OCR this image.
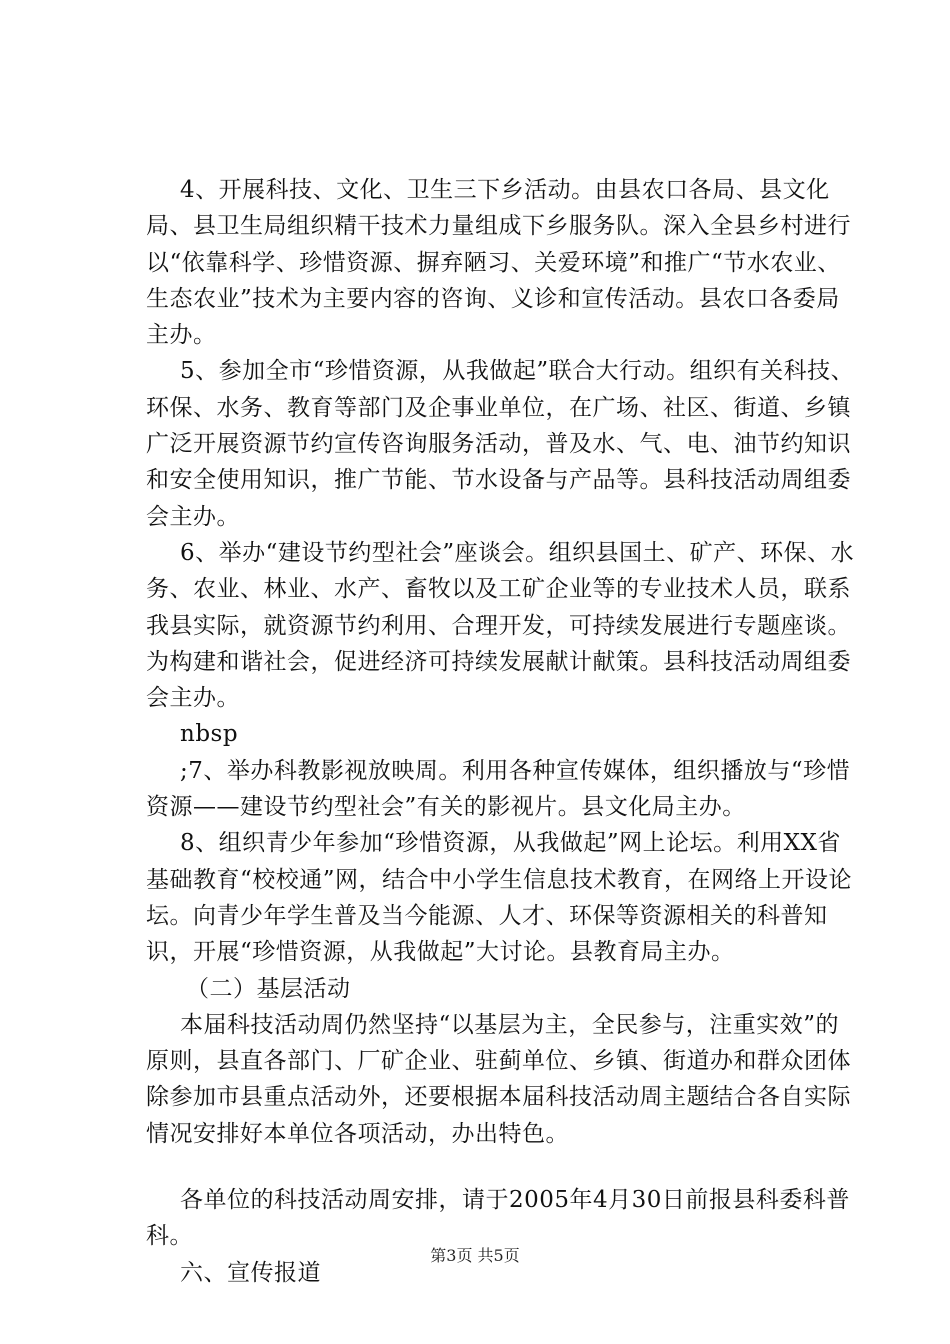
4、开展科技、文化、卫生三下乡活动。由县农口各局、县文化局、县卫生局组织精干技术力量组成下乡服务队。深入全县乡村进行以“依靠科学、珍惜资源、摒弃陋习、关爱环境”和推广“节水农业、生态农业”技术为主要内容的咨询、义诊和宣传活动。县农口各委局主办。

5、参加全市“珍惜资源，从我做起”联合大行动。组织有关科技、环保、水务、教育等部门及企事业单位，在广场、社区、街道、乡镇广泛开展资源节约宣传咨询服务活动，普及水、气、电、油节约知识和安全使用知识，推广节能、节水设备与产品等。县科技活动周组委会主办。

6、举办“建设节约型社会”座谈会。组织县国土、矿产、环保、水务、农业、林业、水产、畜牧以及工矿企业等的专业技术人员，联系我县实际，就资源节约利用、合理开发，可持续发展进行专题座谈。为构建和谐社会，促进经济可持续发展献计献策。县科技活动周组委会主办。

nbsp

;7、举办科教影视放映周。利用各种宣传媒体，组织播放与“珍惜资源——建设节约型社会”有关的影视片。县文化局主办。

8、组织青少年参加“珍惜资源，从我做起”网上论坛。利用XX省基础教育“校校通”网，结合中小学生信息技术教育，在网络上开设论坛。向青少年学生普及当今能源、人才、环保等资源相关的科普知识，开展“珍惜资源，从我做起”大讨论。县教育局主办。

（二）基层活动

本届科技活动周仍然坚持“以基层为主，全民参与，注重实效”的原则，县直各部门、厂矿企业、驻蓟单位、乡镇、街道办和群众团体除参加市县重点活动外，还要根据本届科技活动周主题结合各自实际情况安排好本单位各项活动，办出特色。

各单位的科技活动周安排，请于2005年4月30日前报县科委科普科。

六、宣传报道

第3页 共5页
